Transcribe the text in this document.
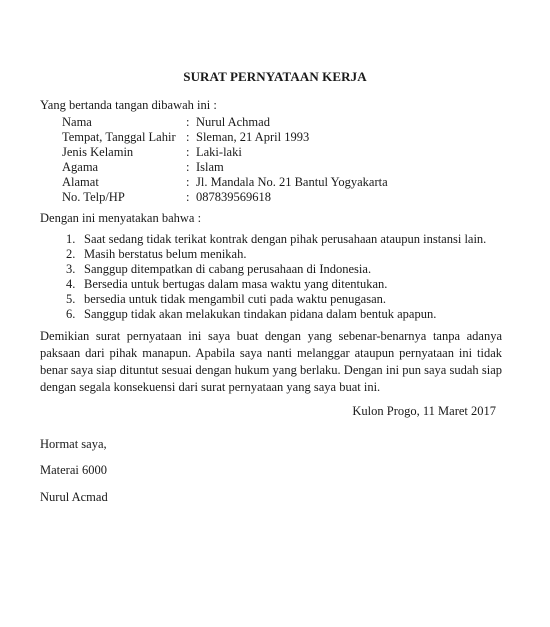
SURAT PERNYATAAN KERJA
Yang bertanda tangan dibawah ini :
Nama	: Nurul Achmad
Tempat, Tanggal Lahir : Sleman, 21 April 1993
Jenis Kelamin	: Laki-laki
Agama	: Islam
Alamat	: Jl. Mandala No. 21 Bantul Yogyakarta
No. Telp/HP	: 087839569618
Dengan ini menyatakan bahwa :
1. Saat sedang tidak terikat kontrak dengan pihak perusahaan ataupun instansi lain.
2. Masih berstatus belum menikah.
3. Sanggup ditempatkan di cabang perusahaan di Indonesia.
4. Bersedia untuk bertugas dalam masa waktu yang ditentukan.
5. bersedia untuk tidak mengambil cuti pada waktu penugasan.
6. Sanggup tidak akan melakukan tindakan pidana dalam bentuk apapun.
Demikian surat pernyataan ini saya buat dengan yang sebenar-benarnya tanpa adanya paksaan dari pihak manapun. Apabila saya nanti melanggar ataupun pernyataan ini tidak benar saya siap dituntut sesuai dengan hukum yang berlaku. Dengan ini pun saya sudah siap dengan segala konsekuensi dari surat pernyataan yang saya buat ini.
Kulon Progo, 11 Maret 2017
Hormat saya,
Materai 6000
Nurul Acmad
